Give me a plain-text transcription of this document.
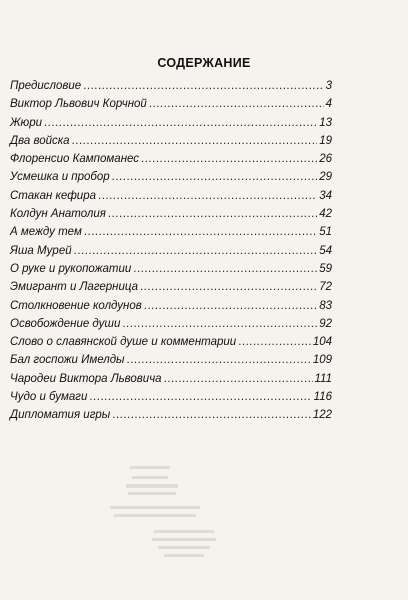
СОДЕРЖАНИЕ
Предисловие .....	3
Виктор Львович Корчной .....	4
Жюри .....	13
Два войска .....	19
Флоренсио Кампоманес .....	26
Усмешка и пробор .....	29
Стакан кефира .....	34
Колдун Анатолия .....	42
А между тем .....	51
Яша Мурей .....	54
О руке и рукопожатии .....	59
Эмигрант и Лагерница .....	72
Столкновение колдунов .....	83
Освобождение души .....	92
Слово о славянской душе и комментарии .....	104
Бал госпожи Имелды .....	109
Чародеи Виктора Львовича .....	111
Чудо и бумаги .....	116
Дипломатия игры .....	122
